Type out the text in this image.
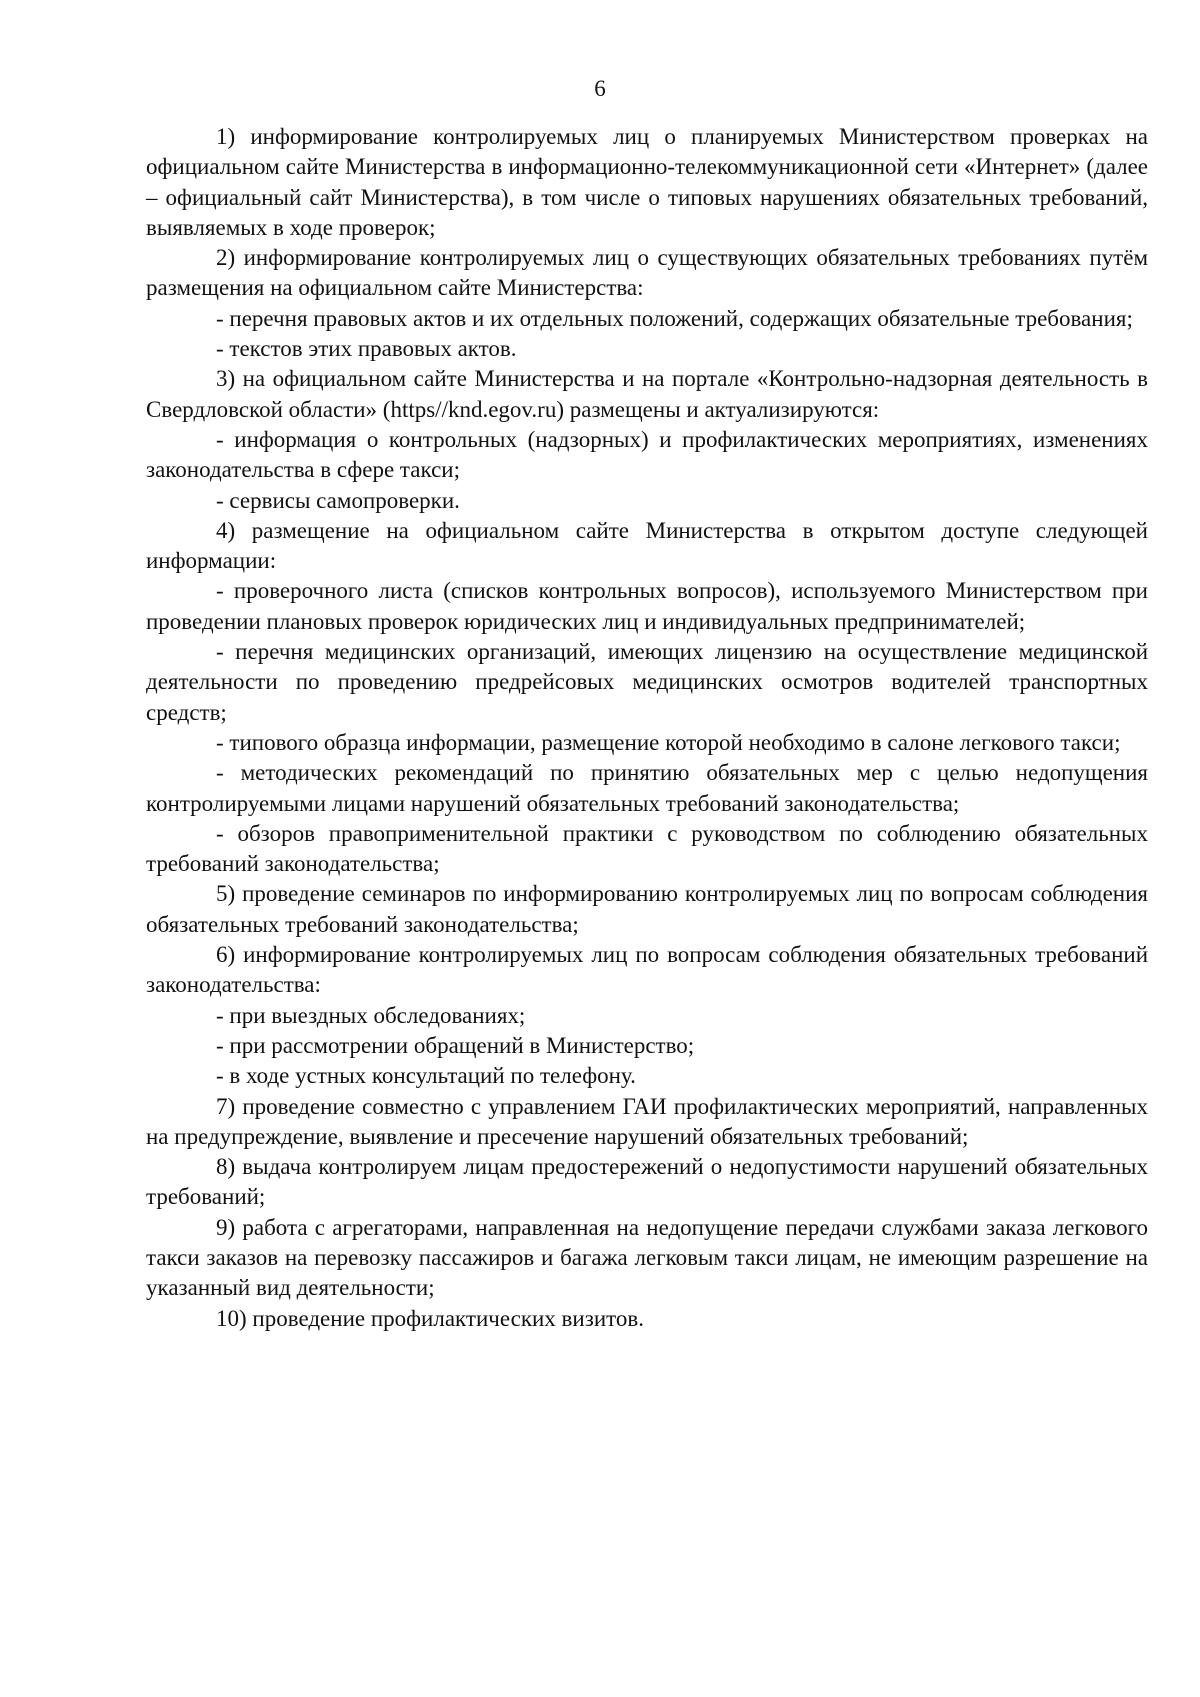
6

1) информирование контролируемых лиц о планируемых Министерством проверках на официальном сайте Министерства в информационно-телекоммуникационной сети «Интернет» (далее – официальный сайт Министерства), в том числе о типовых нарушениях обязательных требований, выявляемых в ходе проверок;

2) информирование контролируемых лиц о существующих обязательных требованиях путём размещения на официальном сайте Министерства:

- перечня правовых актов и их отдельных положений, содержащих обязательные требования;

- текстов этих правовых актов.

3) на официальном сайте Министерства и на портале «Контрольно-надзорная деятельность в Свердловской области» (https//knd.egov.ru) размещены и актуализируются:

- информация о контрольных (надзорных) и профилактических мероприятиях, изменениях законодательства в сфере такси;

- сервисы самопроверки.

4) размещение на официальном сайте Министерства в открытом доступе следующей информации:

- проверочного листа (списков контрольных вопросов), используемого Министерством при проведении плановых проверок юридических лиц и индивидуальных предпринимателей;

- перечня медицинских организаций, имеющих лицензию на осуществление медицинской деятельности по проведению предрейсовых медицинских осмотров водителей транспортных средств;

- типового образца информации, размещение которой необходимо в салоне легкового такси;

- методических рекомендаций по принятию обязательных мер с целью недопущения контролируемыми лицами нарушений обязательных требований законодательства;

- обзоров правоприменительной практики с руководством по соблюдению обязательных требований законодательства;

5) проведение семинаров по информированию контролируемых лиц по вопросам соблюдения обязательных требований законодательства;

6) информирование контролируемых лиц по вопросам соблюдения обязательных требований законодательства:

- при выездных обследованиях;

- при рассмотрении обращений в Министерство;

- в ходе устных консультаций по телефону.

7) проведение совместно с управлением ГАИ профилактических мероприятий, направленных на предупреждение, выявление и пресечение нарушений обязательных требований;

8) выдача контролируем лицам предостережений о недопустимости нарушений обязательных требований;

9) работа с агрегаторами, направленная на недопущение передачи службами заказа легкового такси заказов на перевозку пассажиров и багажа легковым такси лицам, не имеющим разрешение на указанный вид деятельности;

10) проведение профилактических визитов.
